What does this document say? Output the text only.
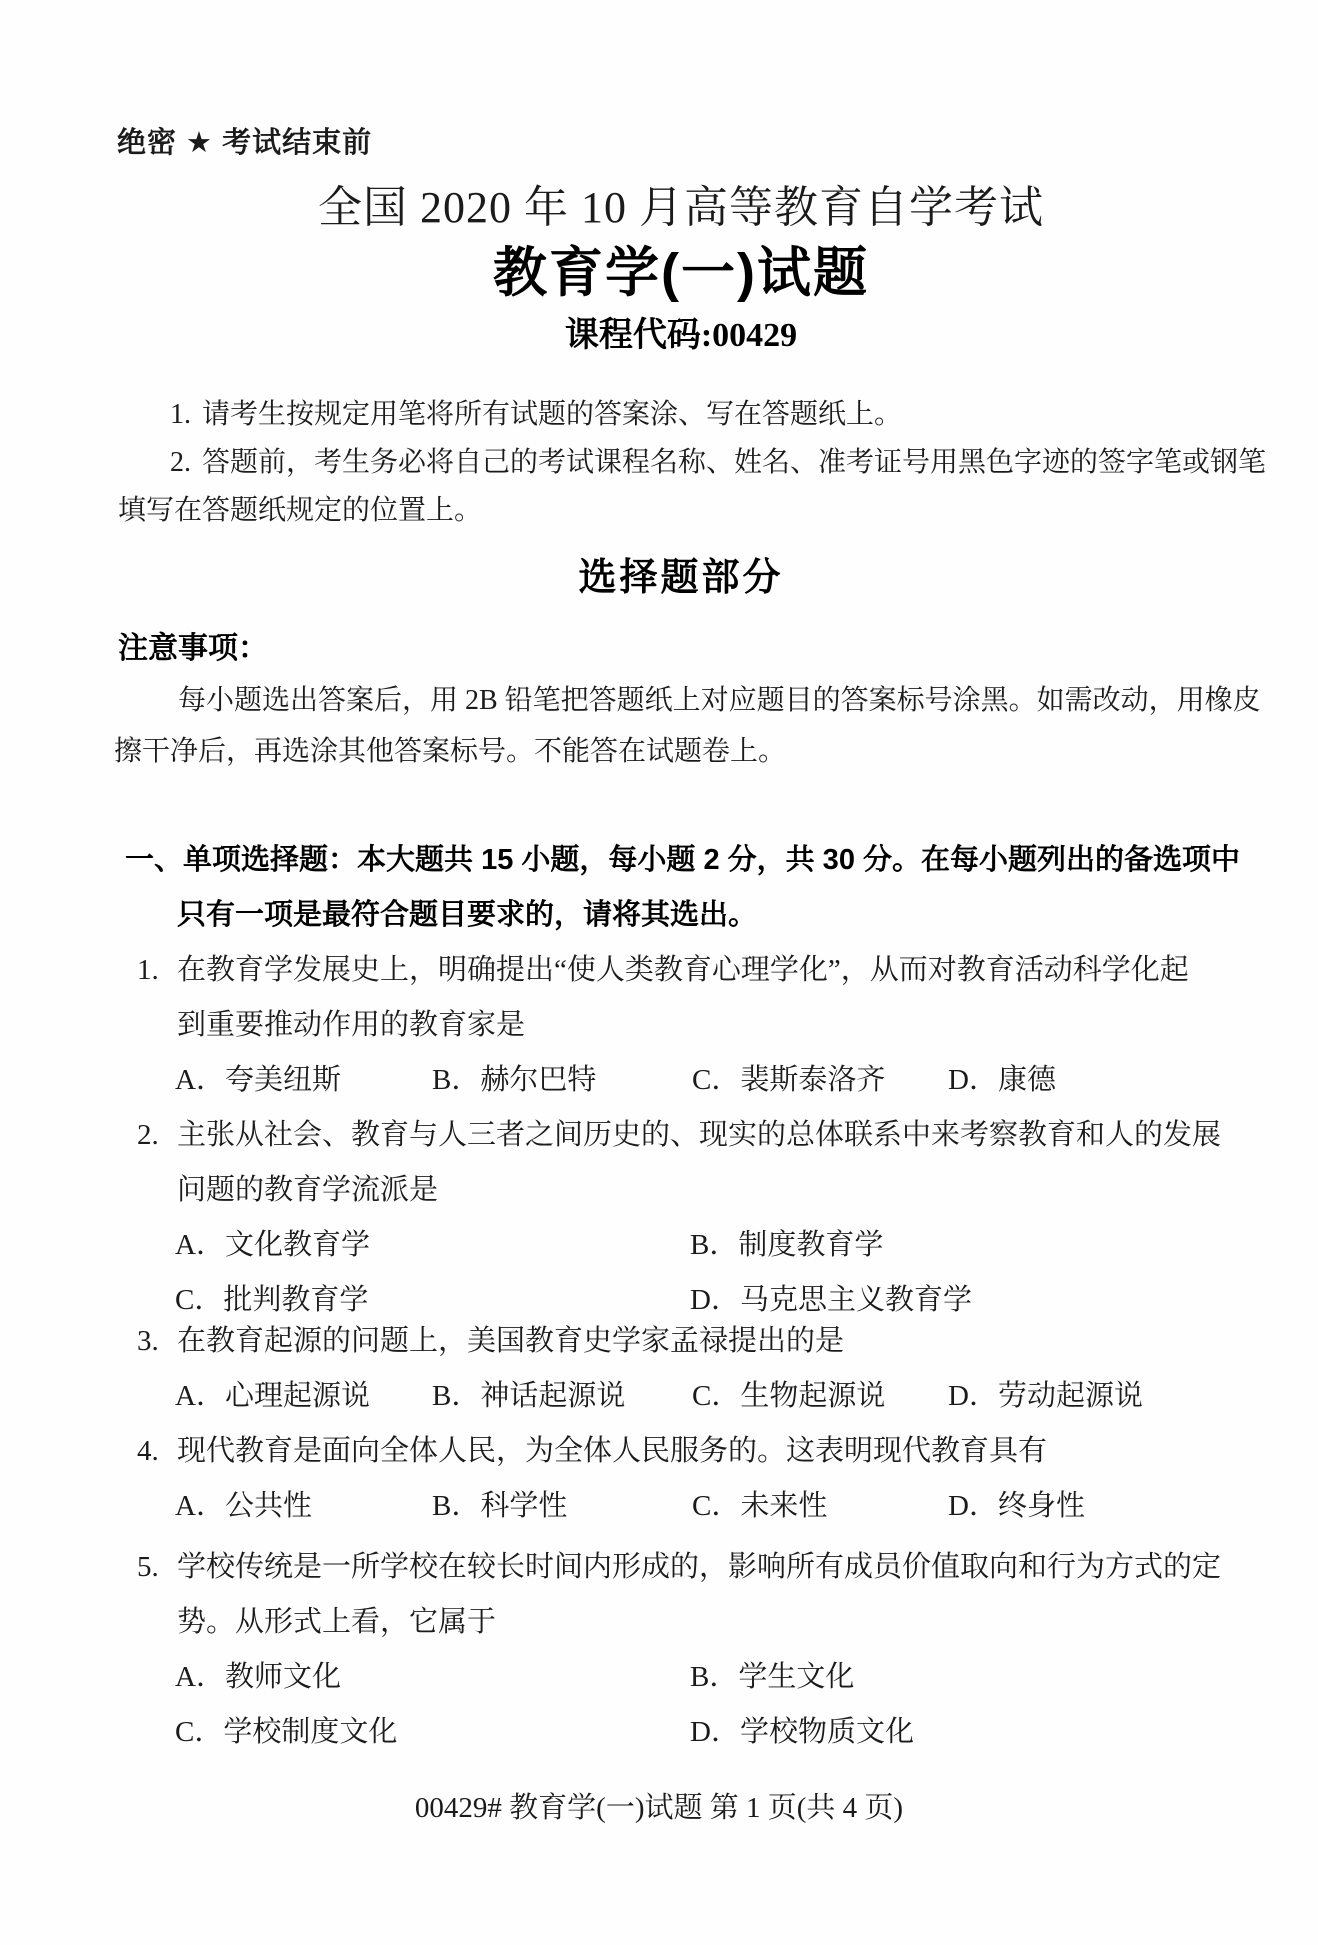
绝密 ★ 考试结束前
全国 2020 年 10 月高等教育自学考试
教育学(一)试题
课程代码:00429
1. 请考生按规定用笔将所有试题的答案涂、写在答题纸上。
2. 答题前，考生务必将自己的考试课程名称、姓名、准考证号用黑色字迹的签字笔或钢笔
填写在答题纸规定的位置上。
选择题部分
注意事项：
每小题选出答案后，用 2B 铅笔把答题纸上对应题目的答案标号涂黑。如需改动，用橡皮
擦干净后，再选涂其他答案标号。不能答在试题卷上。
一、 单项选择题：本大题共 15 小题，每小题 2 分，共 30 分。在每小题列出的备选项中
只有一项是最符合题目要求的，请将其选出。
1. 在教育学发展史上，明确提出“使人类教育心理学化”，从而对教育活动科学化起
到重要推动作用的教育家是
A．夸美纽斯	B．赫尔巴特	C．裴斯泰洛齐	D．康德
2. 主张从社会、教育与人三者之间历史的、现实的总体联系中来考察教育和人的发展
问题的教育学流派是
A．文化教育学	B．制度教育学
C．批判教育学	D．马克思主义教育学
3. 在教育起源的问题上，美国教育史学家孟禄提出的是
A．心理起源说	B．神话起源说	C．生物起源说	D．劳动起源说
4. 现代教育是面向全体人民，为全体人民服务的。这表明现代教育具有
A．公共性	B．科学性	C．未来性	D．终身性
5. 学校传统是一所学校在较长时间内形成的，影响所有成员价值取向和行为方式的定
势。从形式上看，它属于
A．教师文化	B．学生文化
C．学校制度文化	D．学校物质文化
00429# 教育学(一)试题 第 1 页(共 4 页)
